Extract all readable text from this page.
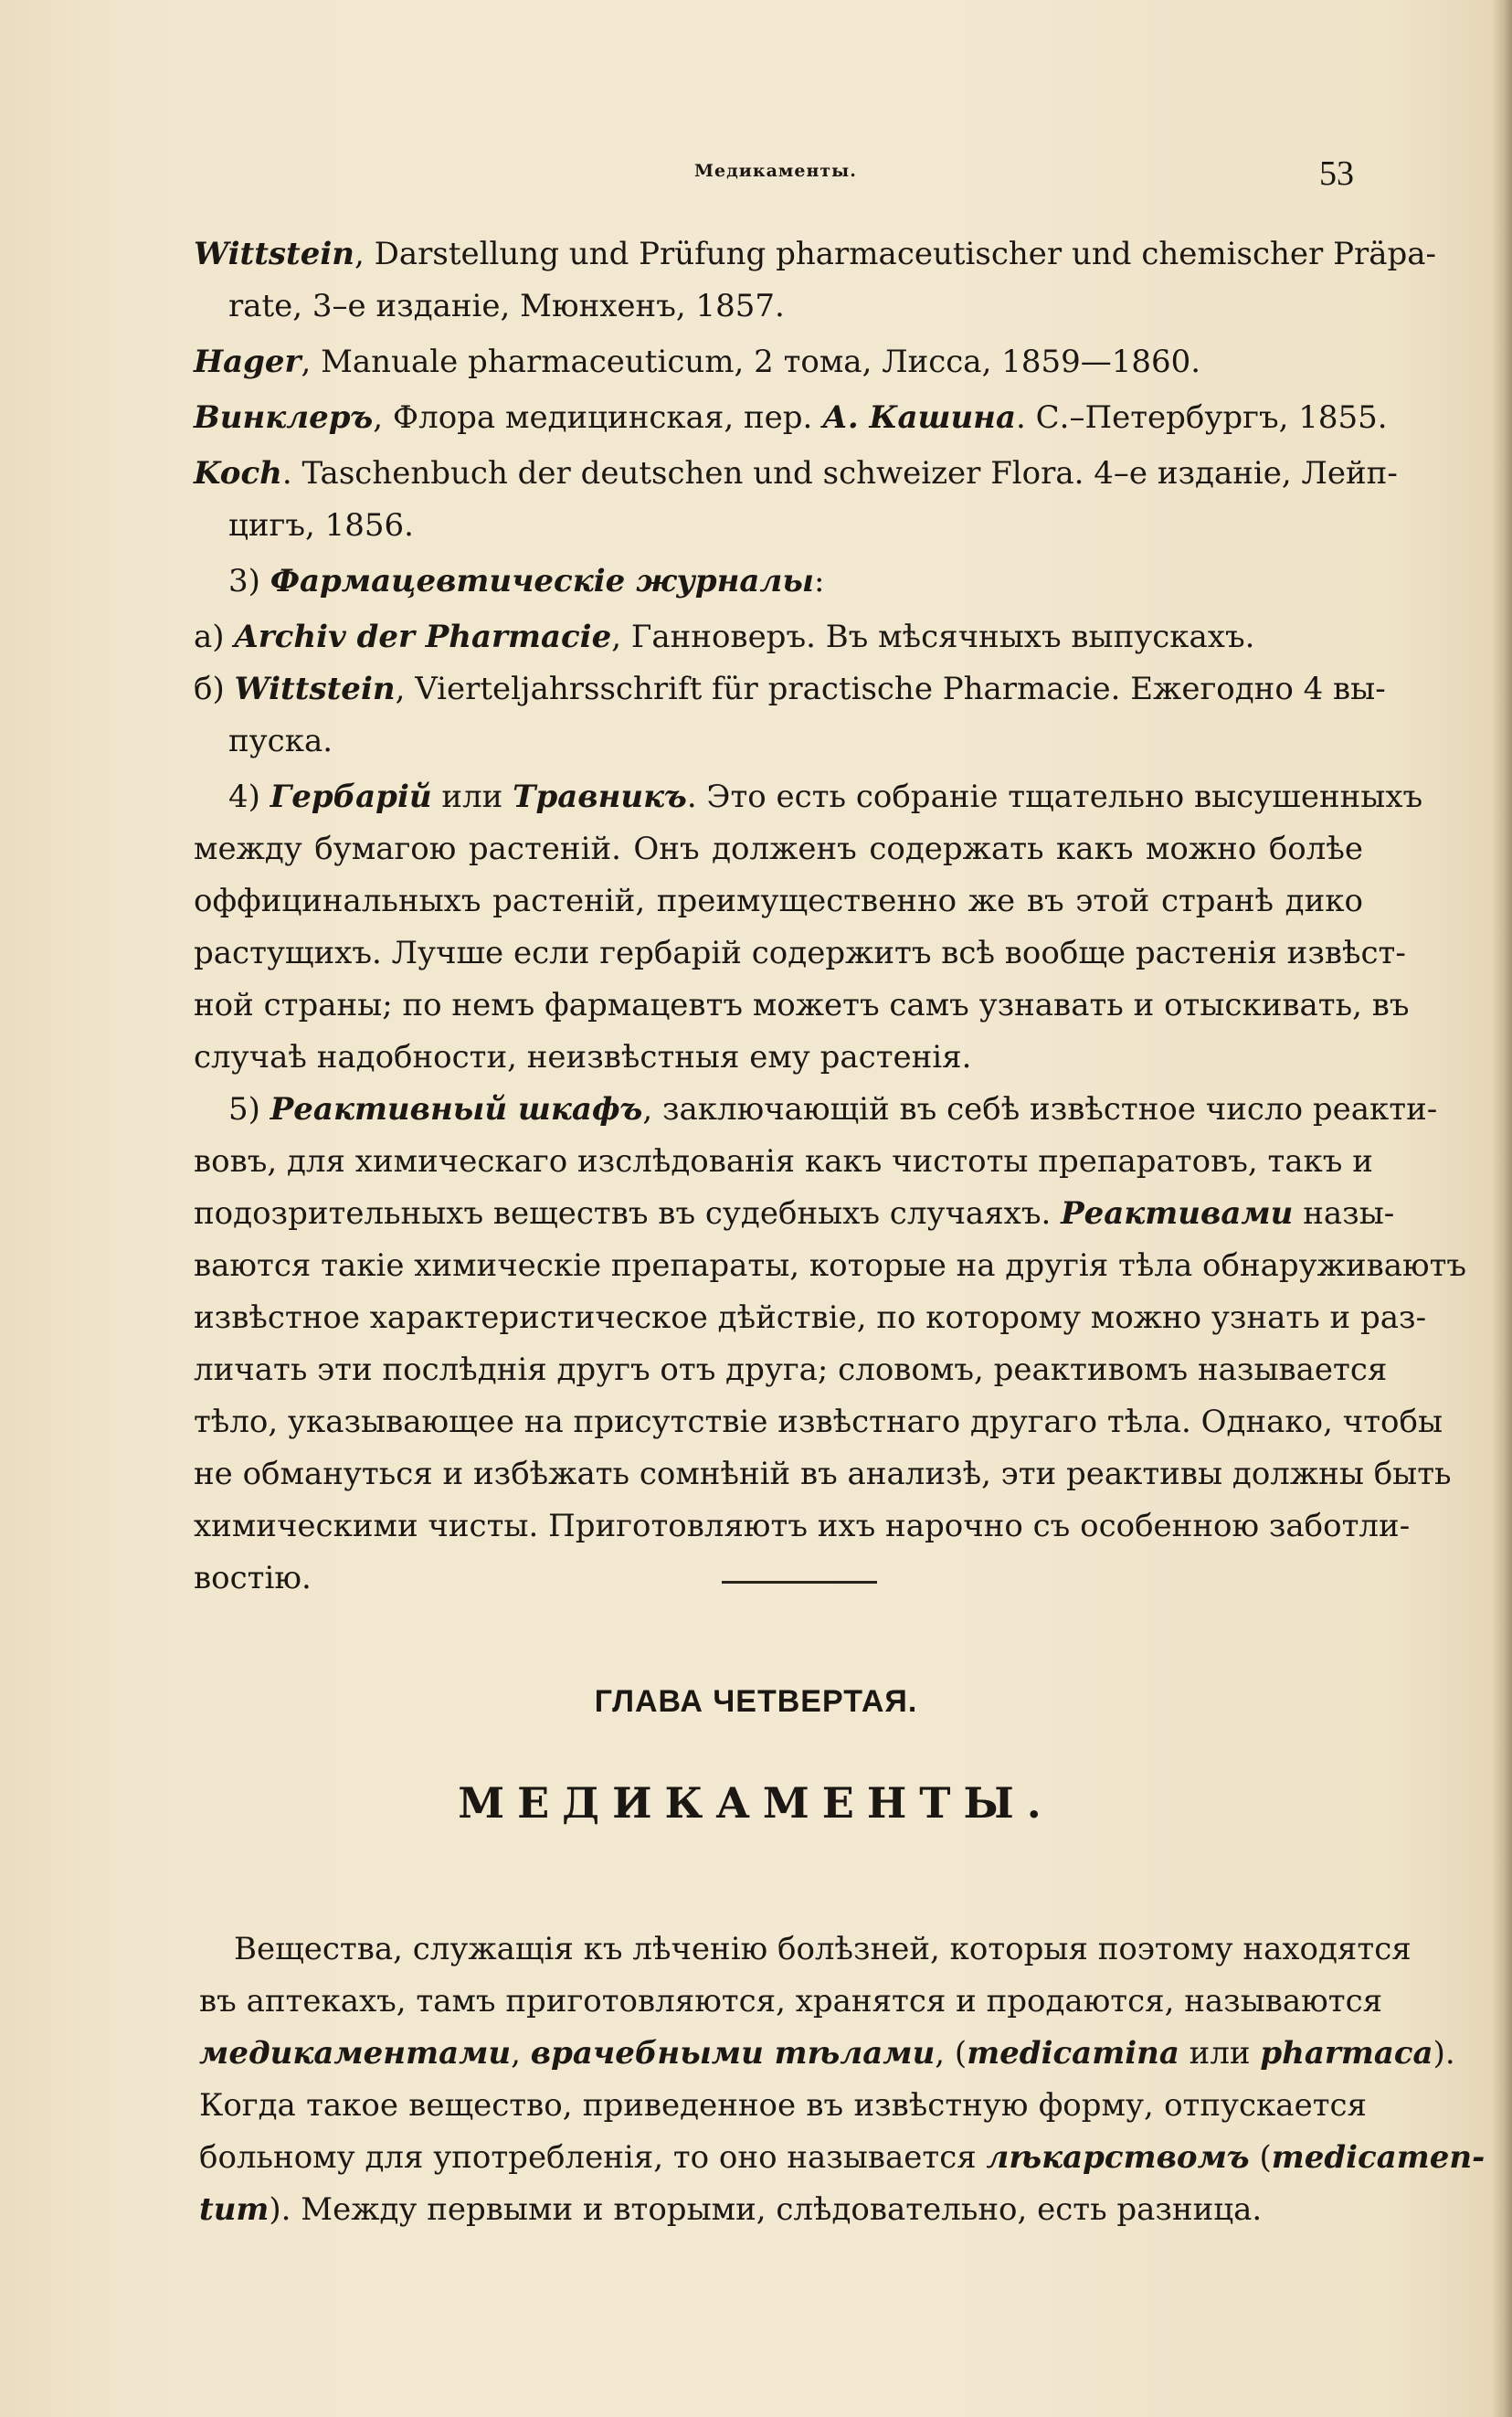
Медикаменты.	53
Wittstein, Darstellung und Prüfung pharmaceutischer und chemischer Präpa-
rate, 3–е изданіе, Мюнхенъ, 1857.
Hager, Manuale pharmaceuticum, 2 тома, Лисса, 1859—1860.
Винклеръ, Флора медицинская, пер. А. Кашина. С.–Петербургъ, 1855.
Koch. Taschenbuch der deutschen und schweizer Flora. 4–е изданіе, Лейп-
цигъ, 1856.
3) Фармацевтическіе журналы:
а) Archiv der Pharmacie, Ганноверъ. Въ мѣсячныхъ выпускахъ.
б) Wittstein, Vierteljahrsschrift für practische Pharmacie. Ежегодно 4 вы-
пуска.
4) Гербарій или Травникъ. Это есть собраніе тщательно высушенныхъ
между бумагою растеній. Онъ долженъ содержать какъ можно болѣе
оффицинальныхъ растеній, преимущественно же въ этой странѣ дико
растущихъ. Лучше если гербарій содержитъ всѣ вообще растенія извѣст-
ной страны; по немъ фармацевтъ можетъ самъ узнавать и отыскивать, въ
случаѣ надобности, неизвѣстныя ему растенія.
5) Реактивный шкафъ, заключающій въ себѣ извѣстное число реакти-
вовъ, для химическаго изслѣдованія какъ чистоты препаратовъ, такъ и
подозрительныхъ веществъ въ судебныхъ случаяхъ. Реактивами назы-
ваются такіе химическіе препараты, которые на другія тѣла обнаруживаютъ
извѣстное характеристическое дѣйствіе, по которому можно узнать и раз-
личать эти послѣднія другъ отъ друга; словомъ, реактивомъ называется
тѣло, указывающее на присутствіе извѣстнаго другаго тѣла. Однако, чтобы
не обмануться и избѣжать сомнѣній въ анализѣ, эти реактивы должны быть
химическими чисты. Приготовляютъ ихъ нарочно съ особенною заботли-
востію.
ГЛАВА ЧЕТВЕРТАЯ.
МЕДИКАМЕНТЫ.
Вещества, служащія къ лѣченію болѣзней, которыя поэтому находятся
въ аптекахъ, тамъ приготовляются, хранятся и продаются, называются
медикаментами, врачебными тѣлами, (medicamina или pharmaca).
Когда такое вещество, приведенное въ извѣстную форму, отпускается
больному для употребленія, то оно называется лѣкарствомъ (medicamen-
tum). Между первыми и вторыми, слѣдовательно, есть разница.
